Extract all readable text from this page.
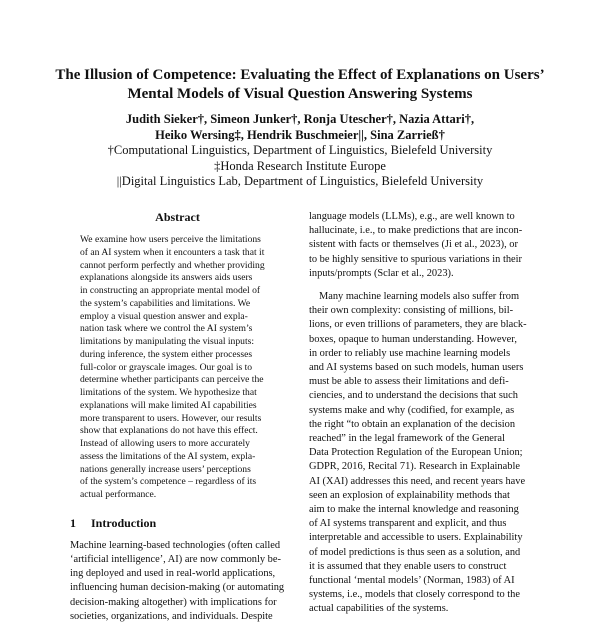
The Illusion of Competence: Evaluating the Effect of Explanations on Users’
Mental Models of Visual Question Answering Systems
Judith Sieker†, Simeon Junker†, Ronja Utescher†, Nazia Attari†,
Heiko Wersing‡, Hendrik Buschmeier||, Sina Zarrieß†
†Computational Linguistics, Department of Linguistics, Bielefeld University
‡Honda Research Institute Europe
||Digital Linguistics Lab, Department of Linguistics, Bielefeld University
Abstract
We examine how users perceive the limitations
of an AI system when it encounters a task that it
cannot perform perfectly and whether providing
explanations alongside its answers aids users
in constructing an appropriate mental model of
the system’s capabilities and limitations. We
employ a visual question answer and expla-
nation task where we control the AI system’s
limitations by manipulating the visual inputs:
during inference, the system either processes
full-color or grayscale images. Our goal is to
determine whether participants can perceive the
limitations of the system. We hypothesize that
explanations will make limited AI capabilities
more transparent to users. However, our results
show that explanations do not have this effect.
Instead of allowing users to more accurately
assess the limitations of the AI system, expla-
nations generally increase users’ perceptions
of the system’s competence – regardless of its
actual performance.
1 Introduction
Machine learning-based technologies (often called
‘artificial intelligence’, AI) are now commonly be-
ing deployed and used in real-world applications,
influencing human decision-making (or automating
decision-making altogether) with implications for
societies, organizations, and individuals. Despite
language models (LLMs), e.g., are well known to
hallucinate, i.e., to make predictions that are incon-
sistent with facts or themselves (Ji et al., 2023), or
to be highly sensitive to spurious variations in their
inputs/prompts (Sclar et al., 2023).
Many machine learning models also suffer from
their own complexity: consisting of millions, bil-
lions, or even trillions of parameters, they are black-
boxes, opaque to human understanding. However,
in order to reliably use machine learning models
and AI systems based on such models, human users
must be able to assess their limitations and defi-
ciencies, and to understand the decisions that such
systems make and why (codified, for example, as
the right “to obtain an explanation of the decision
reached” in the legal framework of the General
Data Protection Regulation of the European Union;
GDPR, 2016, Recital 71). Research in Explainable
AI (XAI) addresses this need, and recent years have
seen an explosion of explainability methods that
aim to make the internal knowledge and reasoning
of AI systems transparent and explicit, and thus
interpretable and accessible to users. Explainability
of model predictions is thus seen as a solution, and
it is assumed that they enable users to construct
functional ‘mental models’ (Norman, 1983) of AI
systems, i.e., models that closely correspond to the
actual capabilities of the systems.
